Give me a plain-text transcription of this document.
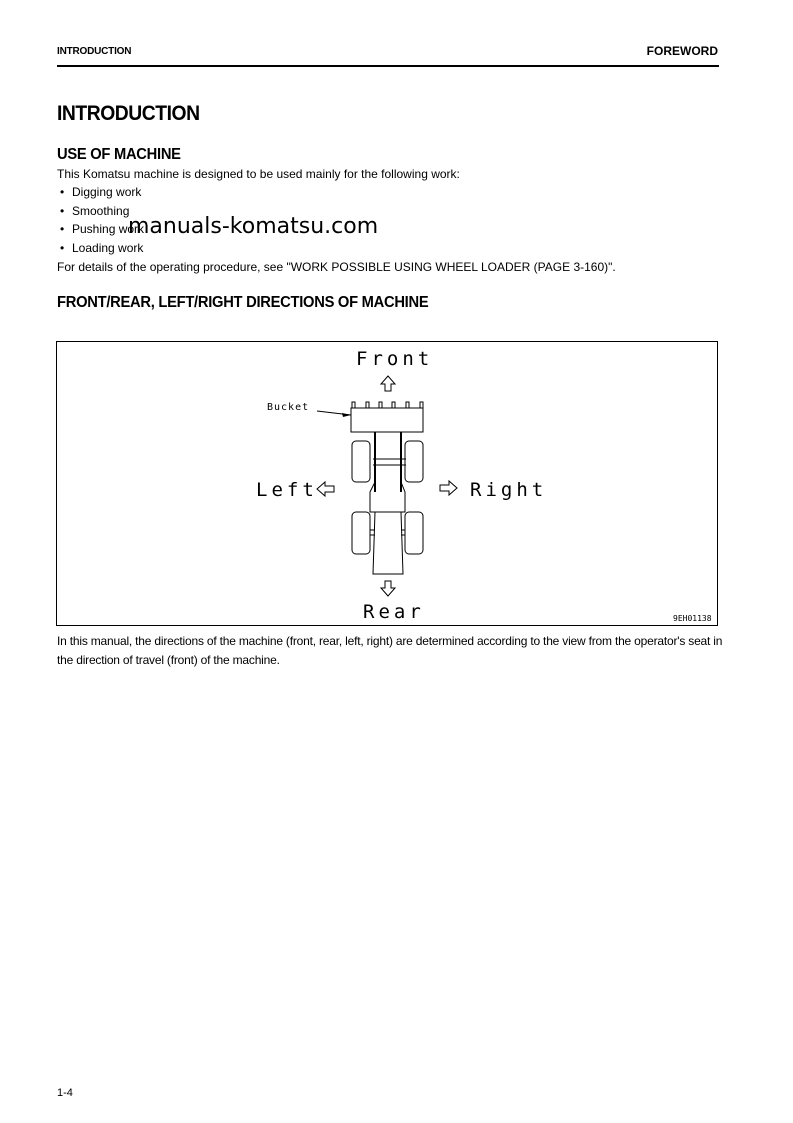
INTRODUCTION	FOREWORD
INTRODUCTION
USE OF MACHINE
This Komatsu machine is designed to be used mainly for the following work:
• Digging work
• Smoothing
• Pushing work
• Loading work
manuals-komatsu.com
For details of the operating procedure, see "WORK POSSIBLE USING WHEEL LOADER (PAGE 3-160)".
FRONT/REAR, LEFT/RIGHT DIRECTIONS OF MACHINE
Front
Rear
Left	Right
Bucket
9EH01138
In this manual, the directions of the machine (front, rear, left, right) are determined according to the view from the operator's seat in the direction of travel (front) of the machine.
1-4
